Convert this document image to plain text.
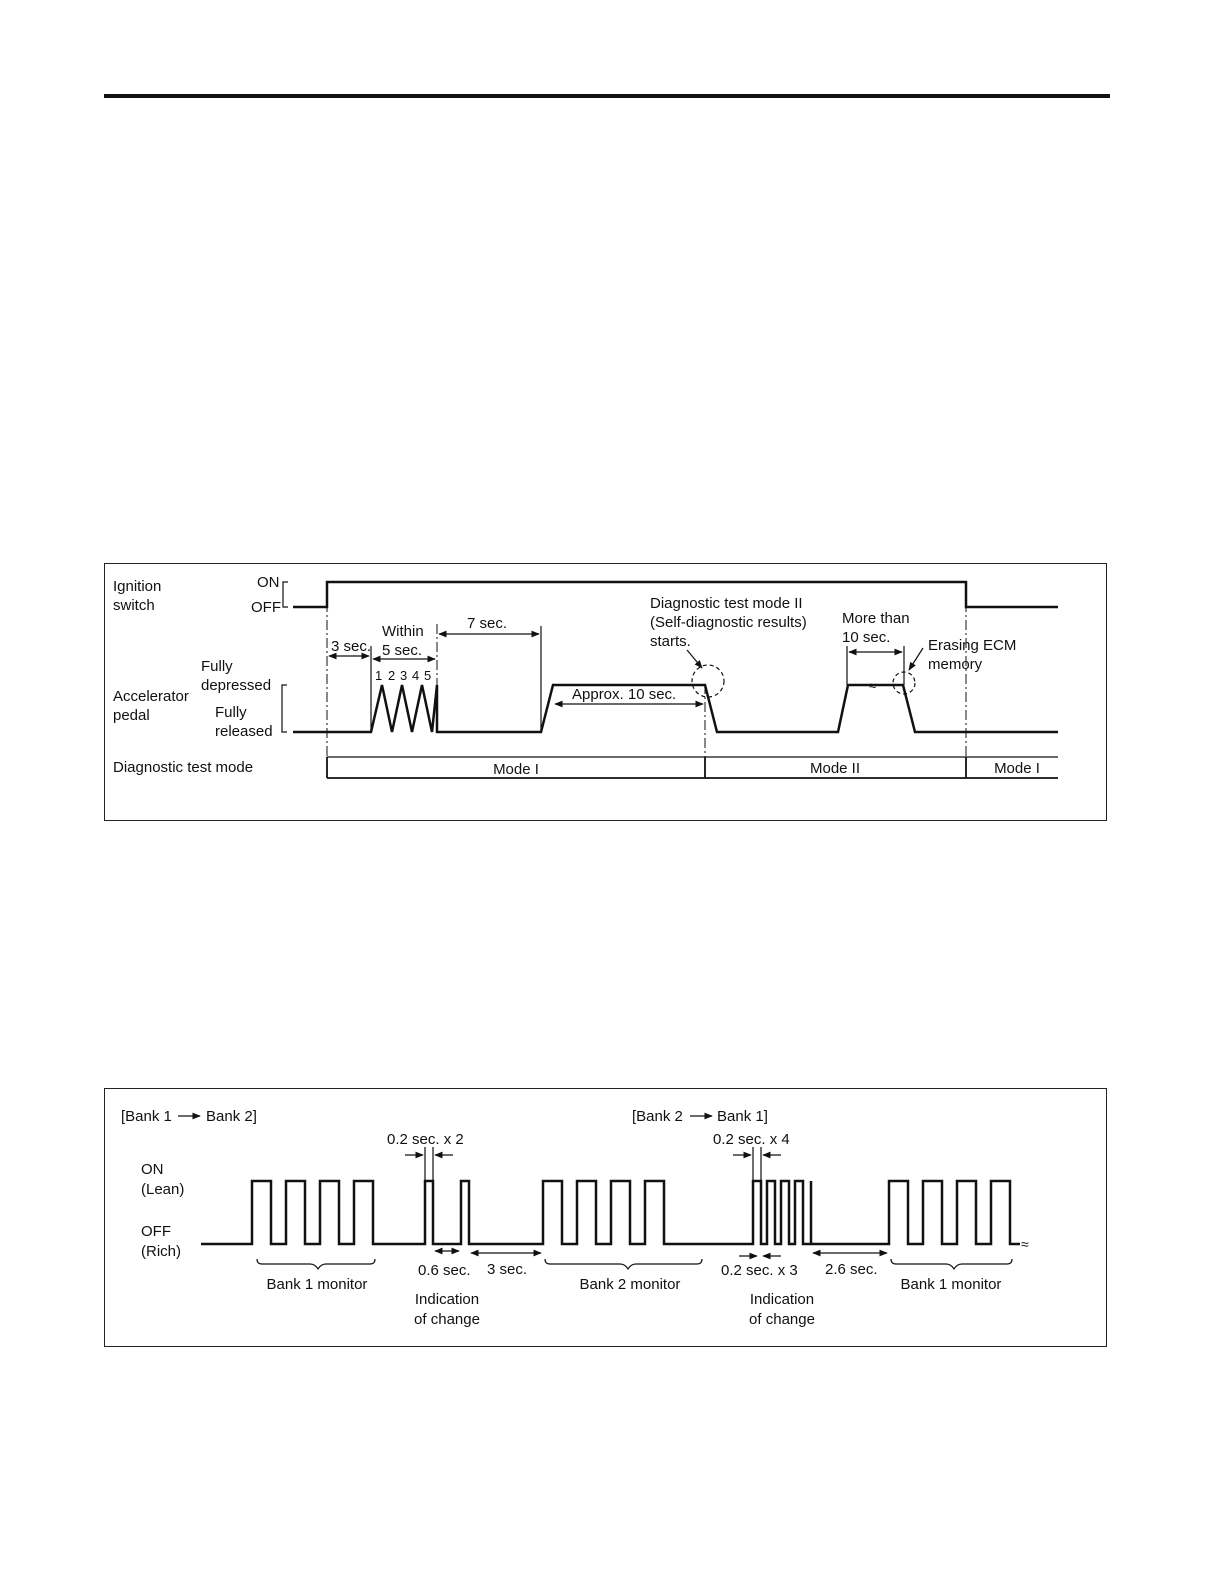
Ignition
switch
ON
OFF
Accelerator
pedal
Fully
depressed
Fully
released
Diagnostic test mode
≈
1 2 3 4 5
3 sec.
Within
5 sec.
7 sec.
Approx. 10 sec.
Diagnostic test mode II
(Self-diagnostic results)
starts.
More than
10 sec.	Erasing ECM
memory
Mode I	Mode II	Mode I
[Bank 1 Bank 2]	[Bank 2 Bank 1]
ON
(Lean)
OFF
(Rich)	≈
0.2 sec. x 2
0.6 sec. 3 sec.
0.2 sec. x 4
0.2 sec. x 3 2.6 sec.
Bank 1 monitor	Bank 2 monitor	Bank 1 monitor
Indication
of change
Indication
of change
